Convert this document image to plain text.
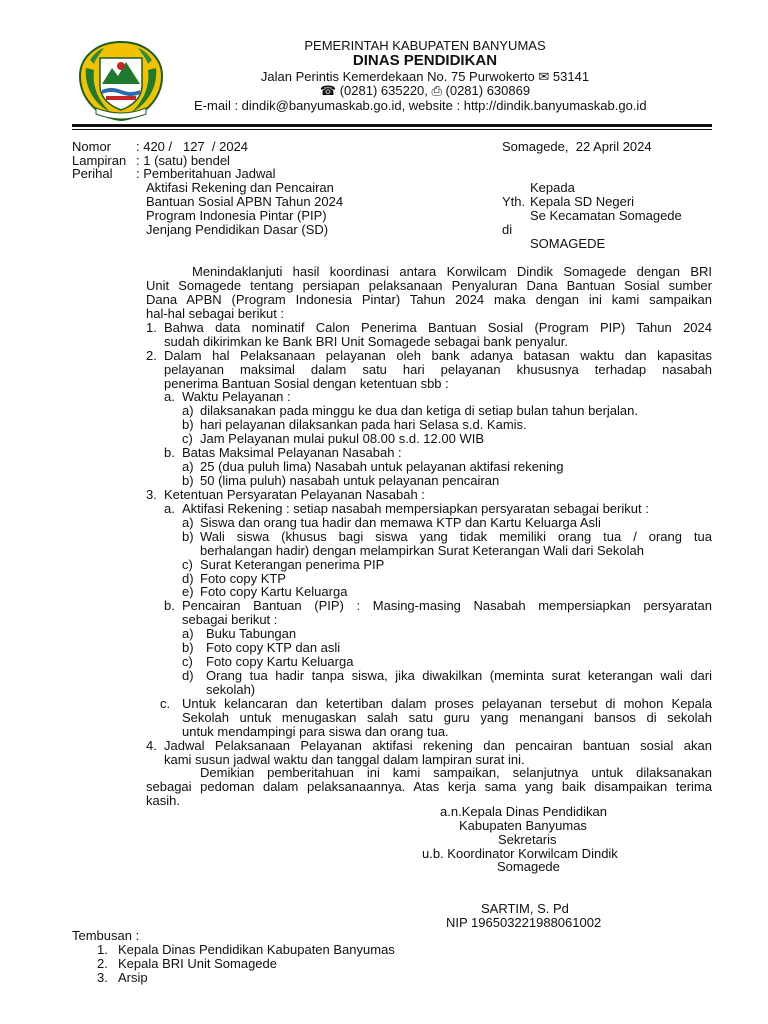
PEMERINTAH KABUPATEN BANYUMAS
DINAS PENDIDIKAN
Jalan Perintis Kemerdekaan No. 75 Purwokerto ✉ 53141
☎ (0281) 635220, ⎙ (0281) 630869
E-mail : dindik@banyumaskab.go.id, website : http://dindik.banyumaskab.go.id
Nomor : 420 /   127  / 2024
Lampiran : 1 (satu) bendel
Perihal : Pemberitahuan Jadwal
Aktifasi Rekening dan Pencairan
Bantuan Sosial APBN Tahun 2024
Program Indonesia Pintar (PIP)
Jenjang Pendidikan Dasar (SD)
Somagede,  22 April 2024
Kepada
Yth. Kepala SD Negeri
Se Kecamatan Somagede
di
SOMAGEDE
Menindaklanjuti hasil koordinasi antara Korwilcam Dindik Somagede dengan BRI
Unit Somagede tentang persiapan pelaksanaan Penyaluran Dana Bantuan Sosial sumber
Dana APBN (Program Indonesia Pintar) Tahun 2024 maka dengan ini kami sampaikan
hal-hal sebagai berikut :
1. Bahwa data nominatif Calon Penerima Bantuan Sosial (Program PIP) Tahun 2024
sudah dikirimkan ke Bank BRI Unit Somagede sebagai bank penyalur.
2. Dalam hal Pelaksanaan pelayanan oleh bank adanya batasan waktu dan kapasitas
pelayanan maksimal dalam satu hari pelayanan khususnya terhadap nasabah
penerima Bantuan Sosial dengan ketentuan sbb :
a. Waktu Pelayanan :
a) dilaksanakan pada minggu ke dua dan ketiga di setiap bulan tahun berjalan.
b) hari pelayanan dilaksankan pada hari Selasa s.d. Kamis.
c) Jam Pelayanan mulai pukul 08.00 s.d. 12.00 WIB
b. Batas Maksimal Pelayanan Nasabah :
a) 25 (dua puluh lima) Nasabah untuk pelayanan aktifasi rekening
b) 50 (lima puluh) nasabah untuk pelayanan pencairan
3. Ketentuan Persyaratan Pelayanan Nasabah :
a. Aktifasi Rekening : setiap nasabah mempersiapkan persyaratan sebagai berikut :
a) Siswa dan orang tua hadir dan memawa KTP dan Kartu Keluarga Asli
b) Wali siswa (khusus bagi siswa yang tidak memiliki orang tua / orang tua
berhalangan hadir) dengan melampirkan Surat Keterangan Wali dari Sekolah
c) Surat Keterangan penerima PIP
d) Foto copy KTP
e) Foto copy Kartu Keluarga
b. Pencairan Bantuan (PIP) : Masing-masing Nasabah mempersiapkan persyaratan
sebagai berikut :
a) Buku Tabungan
b) Foto copy KTP dan asli
c) Foto copy Kartu Keluarga
d) Orang tua hadir tanpa siswa, jika diwakilkan (meminta surat keterangan wali dari
sekolah)
c. Untuk kelancaran dan ketertiban dalam proses pelayanan tersebut di mohon Kepala
Sekolah untuk menugaskan salah satu guru yang menangani bansos di sekolah
untuk mendampingi para siswa dan orang tua.
4. Jadwal Pelaksanaan Pelayanan aktifasi rekening dan pencairan bantuan sosial akan
kami susun jadwal waktu dan tanggal dalam lampiran surat ini.
Demikian pemberitahuan ini kami sampaikan, selanjutnya untuk dilaksanakan
sebagai pedoman dalam pelaksanaannya. Atas kerja sama yang baik disampaikan terima
kasih.
a.n.Kepala Dinas Pendidikan
Kabupaten Banyumas
Sekretaris
u.b. Koordinator Korwilcam Dindik
Somagede
SARTIM, S. Pd
NIP 196503221988061002
Tembusan :
1. Kepala Dinas Pendidikan Kabupaten Banyumas
2. Kepala BRI Unit Somagede
3. Arsip
